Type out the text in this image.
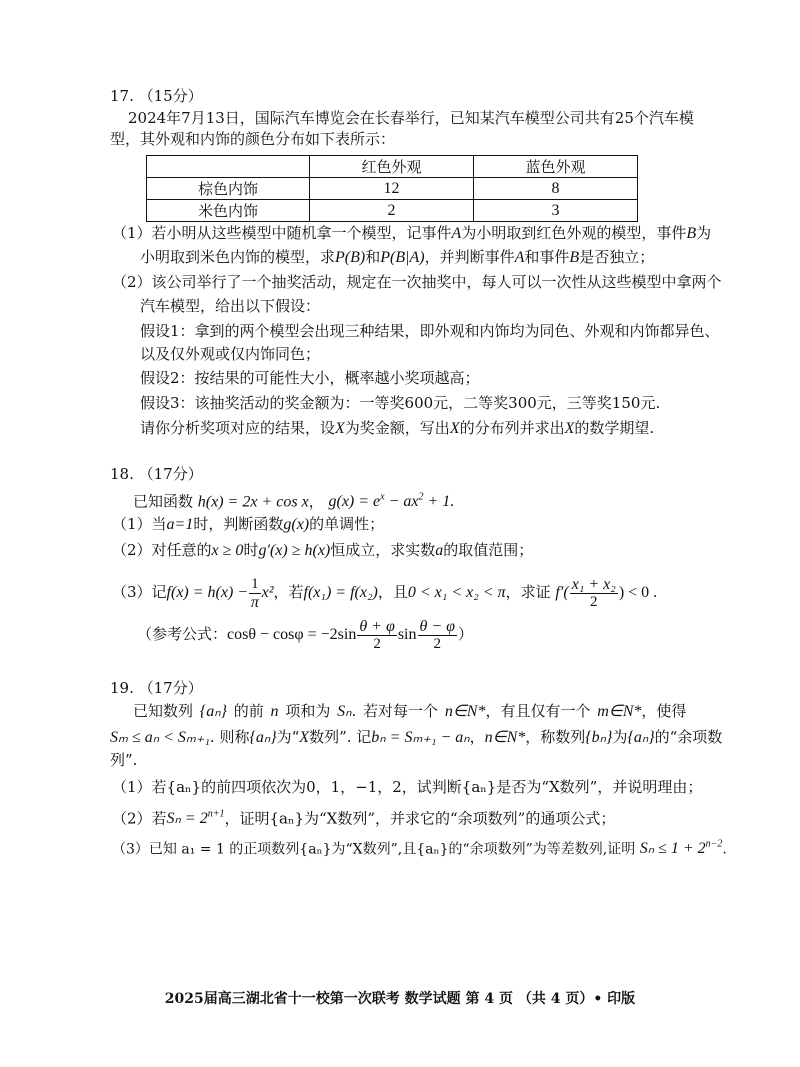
17. （15分）
2024年7月13日，国际汽车博览会在长春举行，已知某汽车模型公司共有25个汽车模
型，其外观和内饰的颜色分布如下表所示：
	红色外观	蓝色外观
棕色内饰	12	8
米色内饰	2	3
（1）若小明从这些模型中随机拿一个模型，记事件A为小明取到红色外观的模型，事件B为
小明取到米色内饰的模型，求P(B)和P(B|A)，并判断事件A和事件B是否独立；
（2）该公司举行了一个抽奖活动，规定在一次抽奖中，每人可以一次性从这些模型中拿两个
汽车模型，给出以下假设：
假设1：拿到的两个模型会出现三种结果，即外观和内饰均为同色、外观和内饰都异色、
以及仅外观或仅内饰同色；
假设2：按结果的可能性大小，概率越小奖项越高；
假设3：该抽奖活动的奖金额为：一等奖600元，二等奖300元，三等奖150元.
请你分析奖项对应的结果，设X为奖金额，写出X的分布列并求出X的数学期望.
18. （17分）
已知函数 h(x) = 2x + cos x， $g(x) = e^x - ax^2 + 1$.
（1）当a=1时，判断函数g(x)的单调性；
（2）对任意的x ≥ 0时g′(x) ≥ h(x)恒成立，求实数a的取值范围；
（3）记$f(x) = h(x) - \frac{1}{\pi} x^2$，若f(x₁) = f(x₂)，且0 < x₁ < x₂ < π，求证 $f'( \frac{\text{x₁ + x₂}}{2}$ ) < 0 .
（参考公式：$\cos\theta - \cos\varphi = -2\sin \frac{\theta + \varphi}{2}$ $\sin \frac{\theta - \varphi}{2}$ ）
19. （17分）
已知数列 {aₙ} 的前 n 项和为 Sₙ. 若对每一个 n∈N*，有且仅有一个 m∈N*，使得
Sₘ ≤ aₙ < Sₘ₊₁. 则称{aₙ}为“X数列”. 记bₙ = Sₘ₊₁ − aₙ，n∈N*，称数列{bₙ}为{aₙ}的“余项数
列”.
（1）若{aₙ}的前四项依次为0，1，−1，2，试判断{aₙ}是否为“X数列”，并说明理由；
（2）若$S_n = 2^{n+1}$，证明{aₙ}为“X数列”，并求它的“余项数列”的通项公式；
（3）已知 a₁ = 1 的正项数列{aₙ}为“X数列”,且{aₙ}的“余项数列”为等差数列,证明 $S_n \le 1 + 2^{n-2}$.
2025届高三湖北省十一校第一次联考 数学试题 第 4 页 （共 4 页）• 印版
